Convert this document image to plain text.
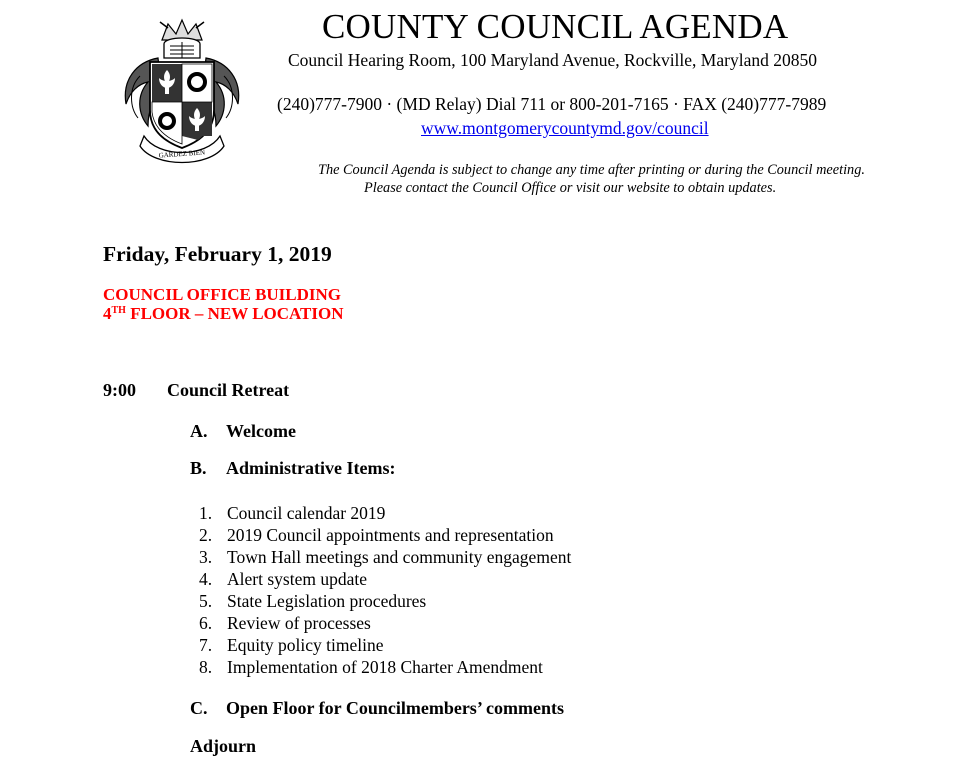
GARDEZ BIEN
COUNTY COUNCIL AGENDA
Council Hearing Room, 100 Maryland Avenue, Rockville, Maryland 20850
(240)777-7900 · (MD Relay) Dial 711 or 800-201-7165 · FAX (240)777-7989
www.montgomerycountymd.gov/council
The Council Agenda is subject to change any time after printing or during the Council meeting.
Please contact the Council Office or visit our website to obtain updates.
Friday, February 1, 2019
COUNCIL OFFICE BUILDING
4TH FLOOR – NEW LOCATION
9:00 Council Retreat
A. Welcome
B. Administrative Items:
1. Council calendar 2019
2. 2019 Council appointments and representation
3. Town Hall meetings and community engagement
4. Alert system update
5. State Legislation procedures
6. Review of processes
7. Equity policy timeline
8. Implementation of 2018 Charter Amendment
C. Open Floor for Councilmembers’ comments
Adjourn
